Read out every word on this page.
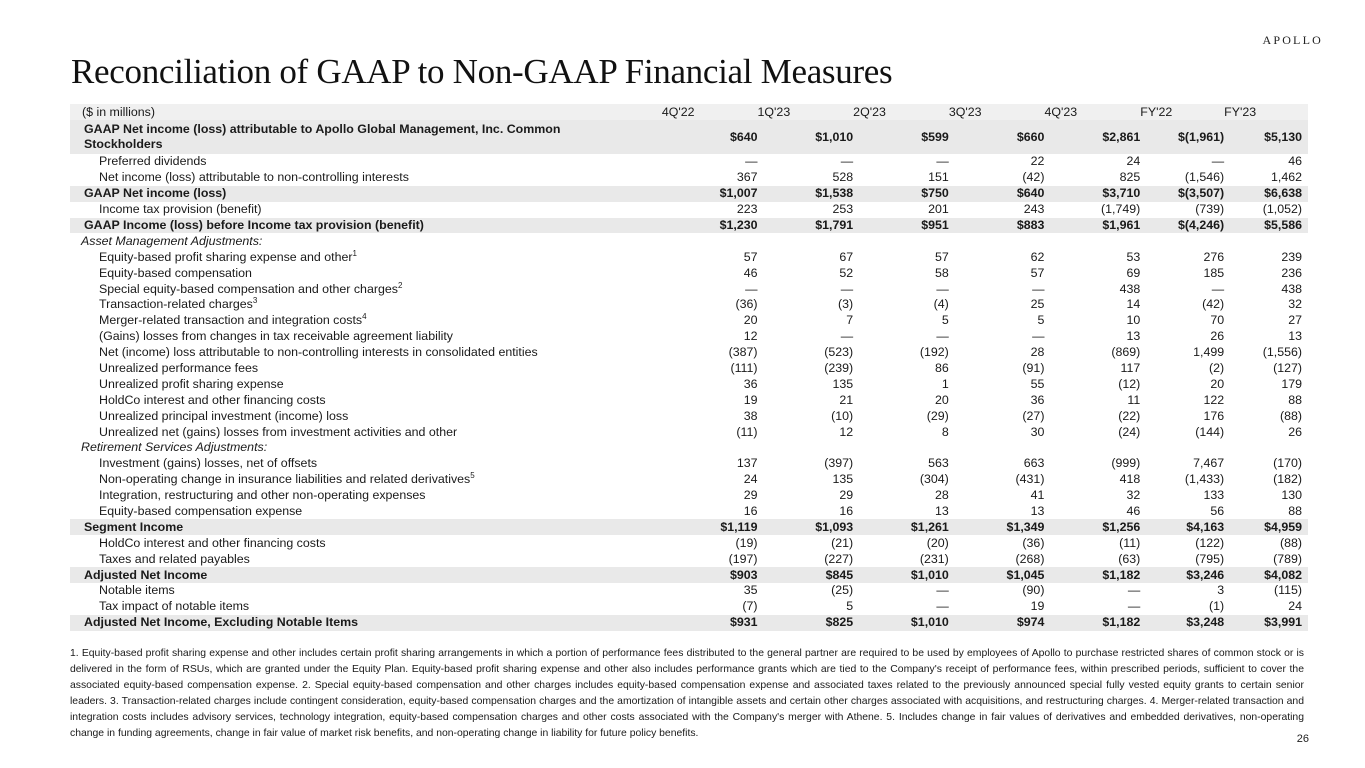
APOLLO
Reconciliation of GAAP to Non-GAAP Financial Measures
($ in millions)	4Q'22	1Q'23	2Q'23	3Q'23	4Q'23	FY'22	FY'23
GAAP Net income (loss) attributable to Apollo Global Management, Inc. Common Stockholders	$640	$1,010	$599	$660	$2,861	$(1,961)	$5,130
Preferred dividends	—	—	—	22	24	—	46
Net income (loss) attributable to non-controlling interests	367	528	151	(42)	825	(1,546)	1,462
GAAP Net income (loss)	$1,007	$1,538	$750	$640	$3,710	$(3,507)	$6,638
Income tax provision (benefit)	223	253	201	243	(1,749)	(739)	(1,052)
GAAP Income (loss) before Income tax provision (benefit)	$1,230	$1,791	$951	$883	$1,961	$(4,246)	$5,586
Asset Management Adjustments:							
Equity-based profit sharing expense and other$^1$	57	67	57	62	53	276	239
Equity-based compensation	46	52	58	57	69	185	236
Special equity-based compensation and other charges$^2$	—	—	—	—	438	—	438
Transaction-related charges$^3$	(36)	(3)	(4)	25	14	(42)	32
Merger-related transaction and integration costs$^4$	20	7	5	5	10	70	27
(Gains) losses from changes in tax receivable agreement liability	12	—	—	—	13	26	13
Net (income) loss attributable to non-controlling interests in consolidated entities	(387)	(523)	(192)	28	(869)	1,499	(1,556)
Unrealized performance fees	(111)	(239)	86	(91)	117	(2)	(127)
Unrealized profit sharing expense	36	135	1	55	(12)	20	179
HoldCo interest and other financing costs	19	21	20	36	11	122	88
Unrealized principal investment (income) loss	38	(10)	(29)	(27)	(22)	176	(88)
Unrealized net (gains) losses from investment activities and other	(11)	12	8	30	(24)	(144)	26
Retirement Services Adjustments:							
Investment (gains) losses, net of offsets	137	(397)	563	663	(999)	7,467	(170)
Non-operating change in insurance liabilities and related derivatives$^5$	24	135	(304)	(431)	418	(1,433)	(182)
Integration, restructuring and other non-operating expenses	29	29	28	41	32	133	130
Equity-based compensation expense	16	16	13	13	46	56	88
Segment Income	$1,119	$1,093	$1,261	$1,349	$1,256	$4,163	$4,959
HoldCo interest and other financing costs	(19)	(21)	(20)	(36)	(11)	(122)	(88)
Taxes and related payables	(197)	(227)	(231)	(268)	(63)	(795)	(789)
Adjusted Net Income	$903	$845	$1,010	$1,045	$1,182	$3,246	$4,082
Notable items	35	(25)	—	(90)	—	3	(115)
Tax impact of notable items	(7)	5	—	19	—	(1)	24
Adjusted Net Income, Excluding Notable Items	$931	$825	$1,010	$974	$1,182	$3,248	$3,991

1. Equity-based profit sharing expense and other includes certain profit sharing arrangements in which a portion of performance fees distributed to the general partner are required to be used by employees of Apollo to purchase restricted shares of common stock or is delivered in the form of RSUs, which are granted under the Equity Plan. Equity-based profit sharing expense and other also includes performance grants which are tied to the Company's receipt of performance fees, within prescribed periods, sufficient to cover the associated equity-based compensation expense. 2. Special equity-based compensation and other charges includes equity-based compensation expense and associated taxes related to the previously announced special fully vested equity grants to certain senior leaders. 3. Transaction-related charges include contingent consideration, equity-based compensation charges and the amortization of intangible assets and certain other charges associated with acquisitions, and restructuring charges. 4. Merger-related transaction and integration costs includes advisory services, technology integration, equity-based compensation charges and other costs associated with the Company's merger with Athene. 5. Includes change in fair values of derivatives and embedded derivatives, non-operating change in funding agreements, change in fair value of market risk benefits, and non-operating change in liability for future policy benefits.	26
